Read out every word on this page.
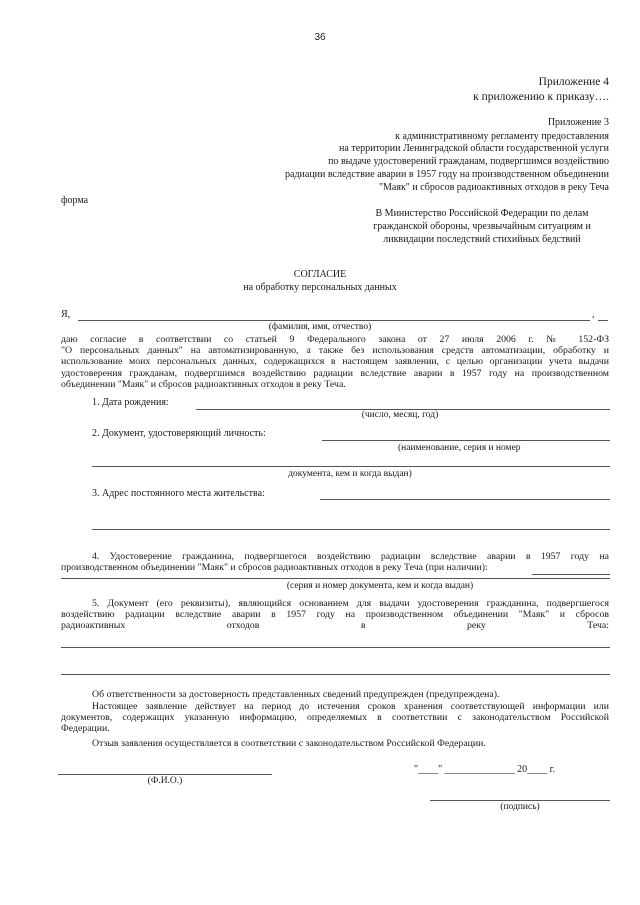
36
Приложение 4
к приложению к приказу….
Приложение 3
к административному регламенту предоставления
на территории Ленинградской области государственной услуги
по выдаче удостоверений гражданам, подвергшимся воздействию
радиации вследствие аварии в 1957 году на производственном объединении
"Маяк" и сбросов радиоактивных отходов в реку Теча
форма
В Министерство Российской Федерации по делам
гражданской обороны, чрезвычайным ситуациям и
ликвидации последствий стихийных бедствий
СОГЛАСИЕ
на обработку персональных данных
Я,	,
(фамилия, имя, отчество)
даю согласие в соответствии со статьей 9 Федерального закона от 27 июля 2006 г. № 152-ФЗ
"О персональных данных" на автоматизированную, а также без использования средств автоматизации, обработку и
использование моих персональных данных, содержащихся в настоящем заявлении, с целью организации учета выдачи
удостоверения гражданам, подвергшимся воздействию радиации вследствие аварии в 1957 году на производственном
объединении "Маяк" и сбросов радиоактивных отходов в реку Теча.
1. Дата рождения:
(число, месяц, год)
2. Документ, удостоверяющий личность:
(наименование, серия и номер
документа, кем и когда выдан)
3. Адрес постоянного места жительства:
4. Удостоверение гражданина, подвергшегося воздействию радиации вследствие аварии в 1957 году на
производственном объединении "Маяк" и сбросов радиоактивных отходов в реку Теча (при наличии):
(серия и номер документа, кем и когда выдан)
5. Документ (его реквизиты), являющийся основанием для выдачи удостоверения гражданина, подвергшегося
воздействию радиации вследствие аварии в 1957 году на производственном объединении "Маяк" и сбросов
радиоактивных отходов в реку Теча:
Об ответственности за достоверность представленных сведений предупрежден (предупреждена).
Настоящее заявление действует на период до истечения сроков хранения соответствующей информации или
документов, содержащих указанную информацию, определяемых в соответствии с законодательством Российской
Федерации.
Отзыв заявления осуществляется в соответствии с законодательством Российской Федерации.
(Ф.И.О.)
"____" ______________ 20____ г.
(подпись)
